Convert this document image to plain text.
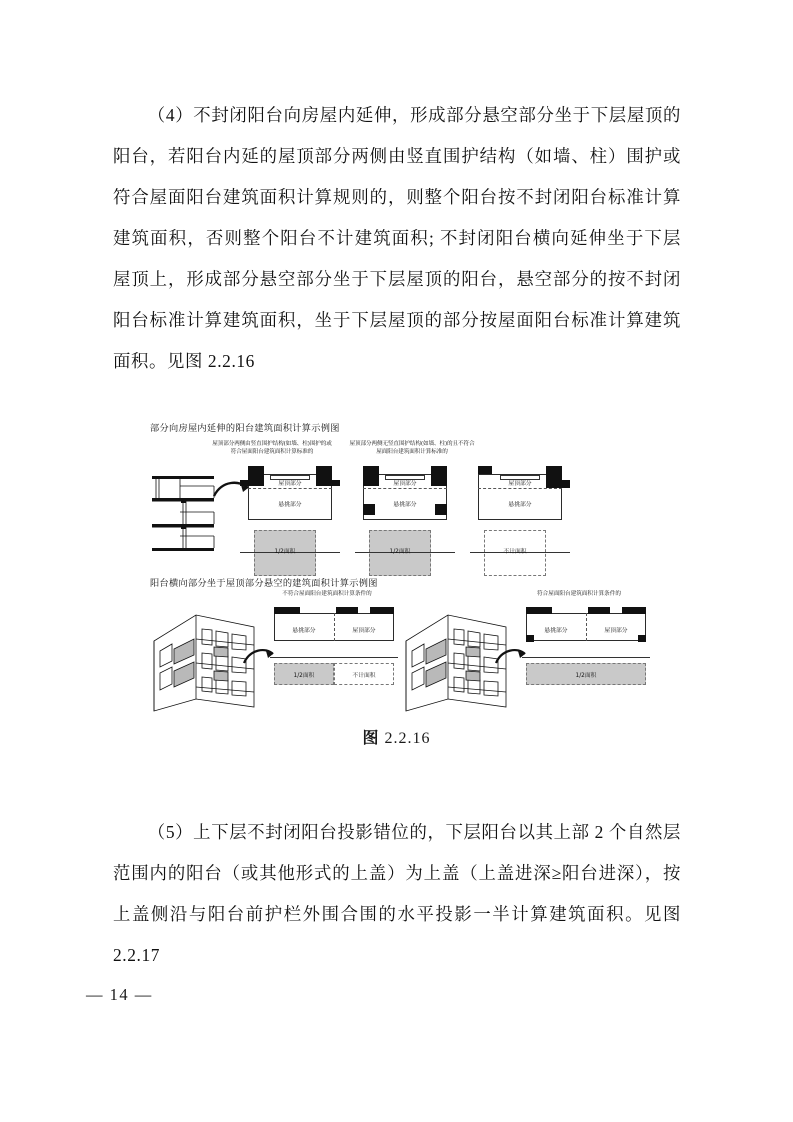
（4）不封闭阳台向房屋内延伸，形成部分悬空部分坐于下层屋顶的阳台，若阳台内延的屋顶部分两侧由竖直围护结构（如墙、柱）围护或符合屋面阳台建筑面积计算规则的，则整个阳台按不封闭阳台标准计算建筑面积，否则整个阳台不计建筑面积; 不封闭阳台横向延伸坐于下层屋顶上，形成部分悬空部分坐于下层屋顶的阳台，悬空部分的按不封闭阳台标准计算建筑面积，坐于下层屋顶的部分按屋面阳台标准计算建筑面积。见图 2.2.16

部分向房屋内延伸的阳台建筑面积计算示例图
屋顶部分两侧由竖直围护结构(如墙、柱)围护的或符合屋面阳台建筑面积计算标准的
屋顶部分两侧无竖直围护结构(如墙、柱)的且不符合屋面阳台建筑面积计算标准的
屋顶部分
悬挑部分
1/2面积
屋顶部分
悬挑部分
1/2面积
屋顶部分
悬挑部分
不计面积
阳台横向部分坐于屋顶部分悬空的建筑面积计算示例图
不符合屋面阳台建筑面积计算条件的
悬挑部分	屋顶部分
1/2面积	不计面积
符合屋面阳台建筑面积计算条件的
悬挑部分	屋顶部分
1/2面积
图 2.2.16

（5）上下层不封闭阳台投影错位的，下层阳台以其上部 2 个自然层范围内的阳台（或其他形式的上盖）为上盖（上盖进深≥阳台进深），按上盖侧沿与阳台前护栏外围合围的水平投影一半计算建筑面积。见图 2.2.17

— 14 —
